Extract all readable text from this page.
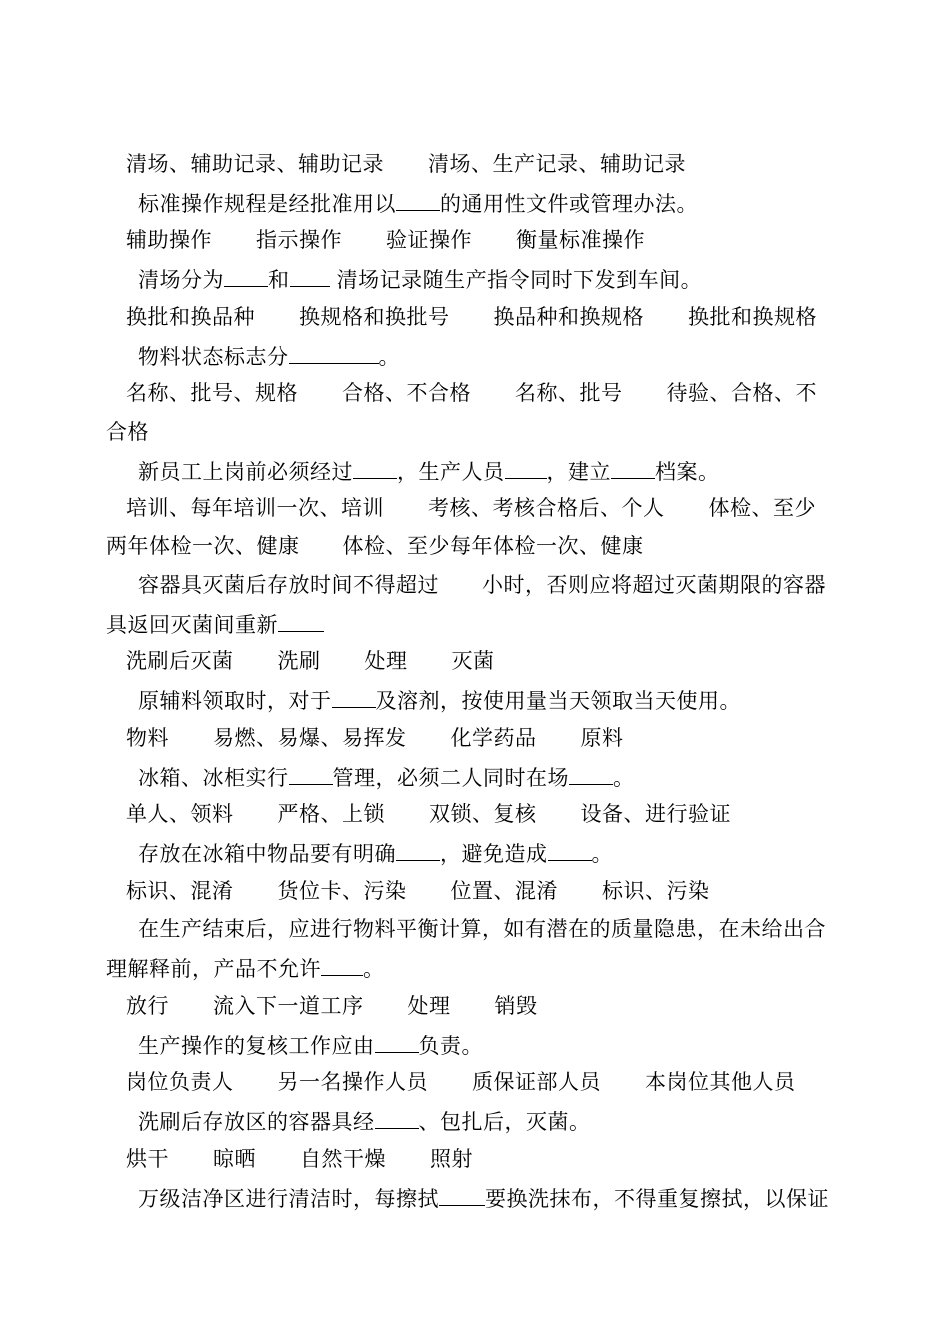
清场、辅助记录、辅助记录 清场、生产记录、辅助记录
标准操作规程是经批准用以 的通用性文件或管理办法。
辅助操作 指示操作 验证操作 衡量标准操作
清场分为 和 清场记录随生产指令同时下发到车间。
换批和换品种 换规格和换批号 换品种和换规格 换批和换规格
物料状态标志分	。
名称、批号、规格 合格、不合格 名称、批号 待验、合格、不
合格
新员工上岗前必须经过 ，生产人员 ，建立 档案。
培训、每年培训一次、培训 考核、考核合格后、个人 体检、至少
两年体检一次、健康　　体检、至少每年体检一次、健康
容器具灭菌后存放时间不得超过　　小时，否则应将超过灭菌期限的容器
具返回灭菌间重新
洗刷后灭菌 洗刷 处理 灭菌
原辅料领取时，对于 及溶剂，按使用量当天领取当天使用。
物料 易燃、易爆、易挥发 化学药品 原料
冰箱、冰柜实行 管理，必须二人同时在场 。
单人、领料 严格、上锁 双锁、复核 设备、进行验证
存放在冰箱中物品要有明确 ，避免造成 。
标识、混淆 货位卡、污染 位置、混淆 标识、污染
在生产结束后，应进行物料平衡计算，如有潜在的质量隐患，在未给出合
理解释前，产品不允许 。
放行 流入下一道工序 处理 销毁
生产操作的复核工作应由 负责。
岗位负责人 另一名操作人员 质保证部人员 本岗位其他人员
洗刷后存放区的容器具经 、包扎后，灭菌。
烘干 晾晒 自然干燥 照射
万级洁净区进行清洁时，每擦拭 要换洗抹布，不得重复擦拭，以保证
